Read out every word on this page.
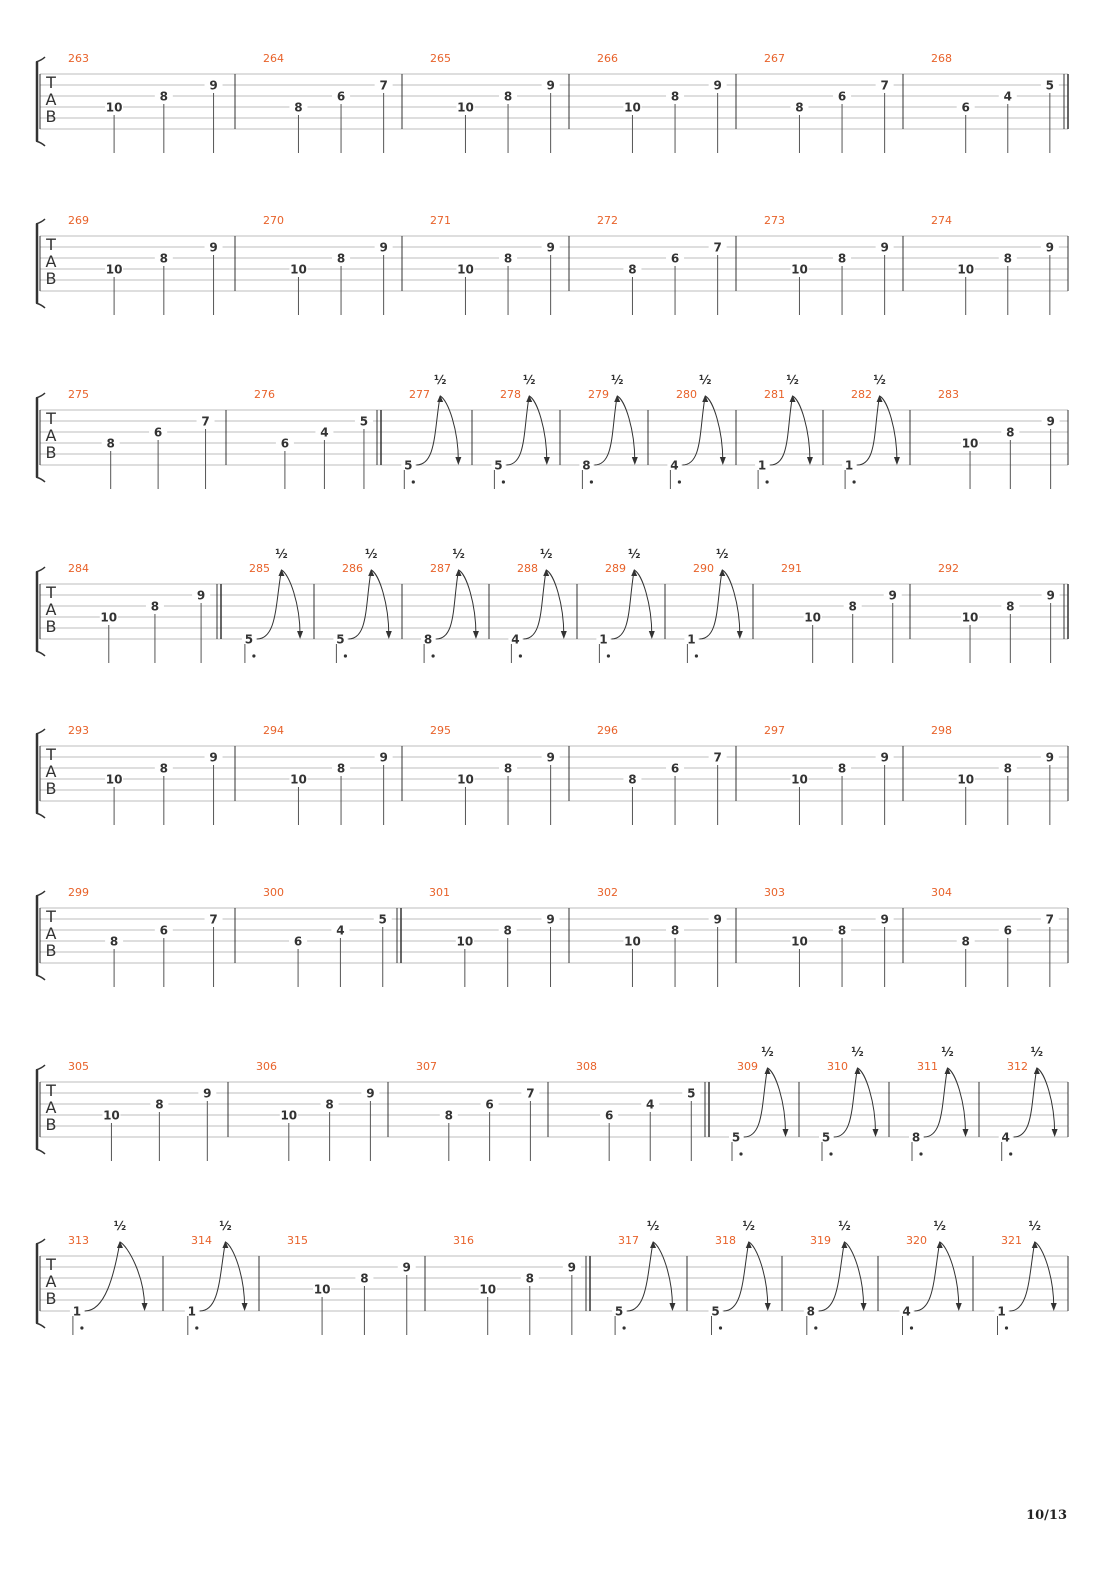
T
A
B
263
10
8
9
264
8
6
7
265
10
8
9
266
10
8
9
267
8
6
7
268
6
4
5
T
A
B
269
10
8
9
270
10
8
9
271
10
8
9
272
8
6
7
273
10
8
9
274
10
8
9
T
A
B
275
8
6
7
276
6
4
5
277
5
½
278
5
½
279
8
½
280
4
½
281
1
½
282
1
½
283
10
8
9
T
A
B
284
10
8
9
285
5
½
286
5
½
287
8
½
288
4
½
289
1
½
290
1
½
291
10
8
9
292
10
8
9
T
A
B
293
10
8
9
294
10
8
9
295
10
8
9
296
8
6
7
297
10
8
9
298
10
8
9
T
A
B
299
8
6
7
300
6
4
5
301
10
8
9
302
10
8
9
303
10
8
9
304
8
6
7
T
A
B
305
10
8
9
306
10
8
9
307
8
6
7
308
6
4
5
309
5
½
310
5
½
311
8
½
312
4
½
T
A
B
313
1
½
314
1
½
315
10
8
9
316
10
8
9
317
5
½
318
5
½
319
8
½
320
4
½
321
1
½
10/13
